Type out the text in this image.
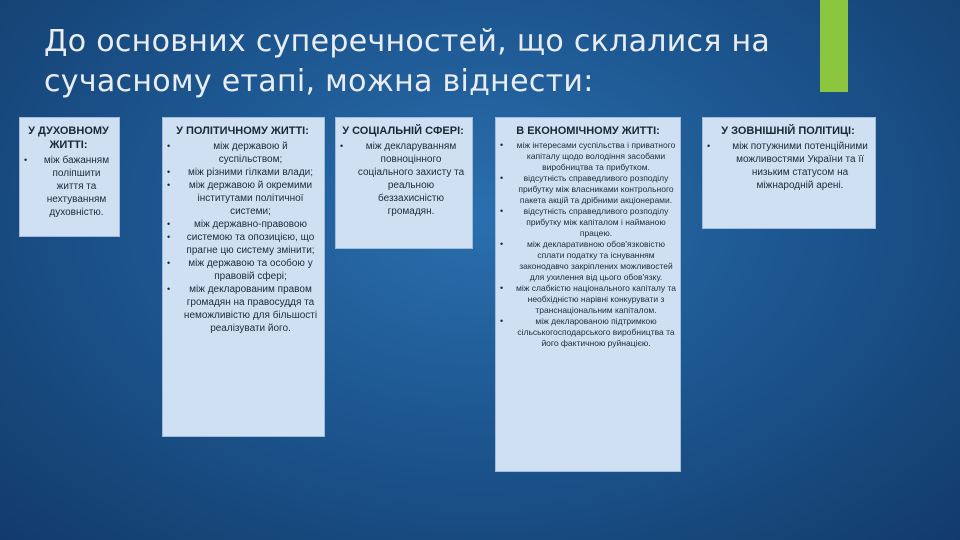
До основних суперечностей, що склалися на сучасному етапі, можна віднести:
У ДУХОВНОМУ ЖИТТІ:
• між бажанням поліпшити життя та нехтуванням духовністю.
У ПОЛІТИЧНОМУ ЖИТТІ:
• між державою й суспільством;
• між різними гілками влади;
• між державою й окремими інститутами політичної системи;
• між державно-правовою
• системою та опозицією, що прагне цю систему змінити;
• між державою та особою у правовій сфері;
• між декларованим правом громадян на правосуддя та неможливістю для більшості реалізувати його.
У СОЦІАЛЬНІЙ СФЕРІ:
• між декларуванням повноцінного соціального захисту та реальною беззахисністю громадян.
В ЕКОНОМІЧНОМУ ЖИТТІ:
• між інтересами суспільства і приватного капіталу щодо володіння засобами виробництва та прибутком.
• відсутність справедливого розподілу прибутку між власниками контрольного пакета акцій та дрібними акціонерами.
• відсутність справедливого розподілу прибутку між капіталом і найманою працею.
• між декларативною обов'язковістю сплати податку та існуванням законодавчо закріплених можливостей для ухилення від цього обов'язку.
• між слабкістю національного капіталу та необхідністю нарівні конкурувати з транснаціональним капіталом.
• між декларованою підтримкою сільськогосподарського виробництва та його фактичною руйнацією.
У ЗОВНІШНІЙ ПОЛІТИЦІ:
• між потужними потенційними можливостями України та її низьким статусом на міжнародній арені.
